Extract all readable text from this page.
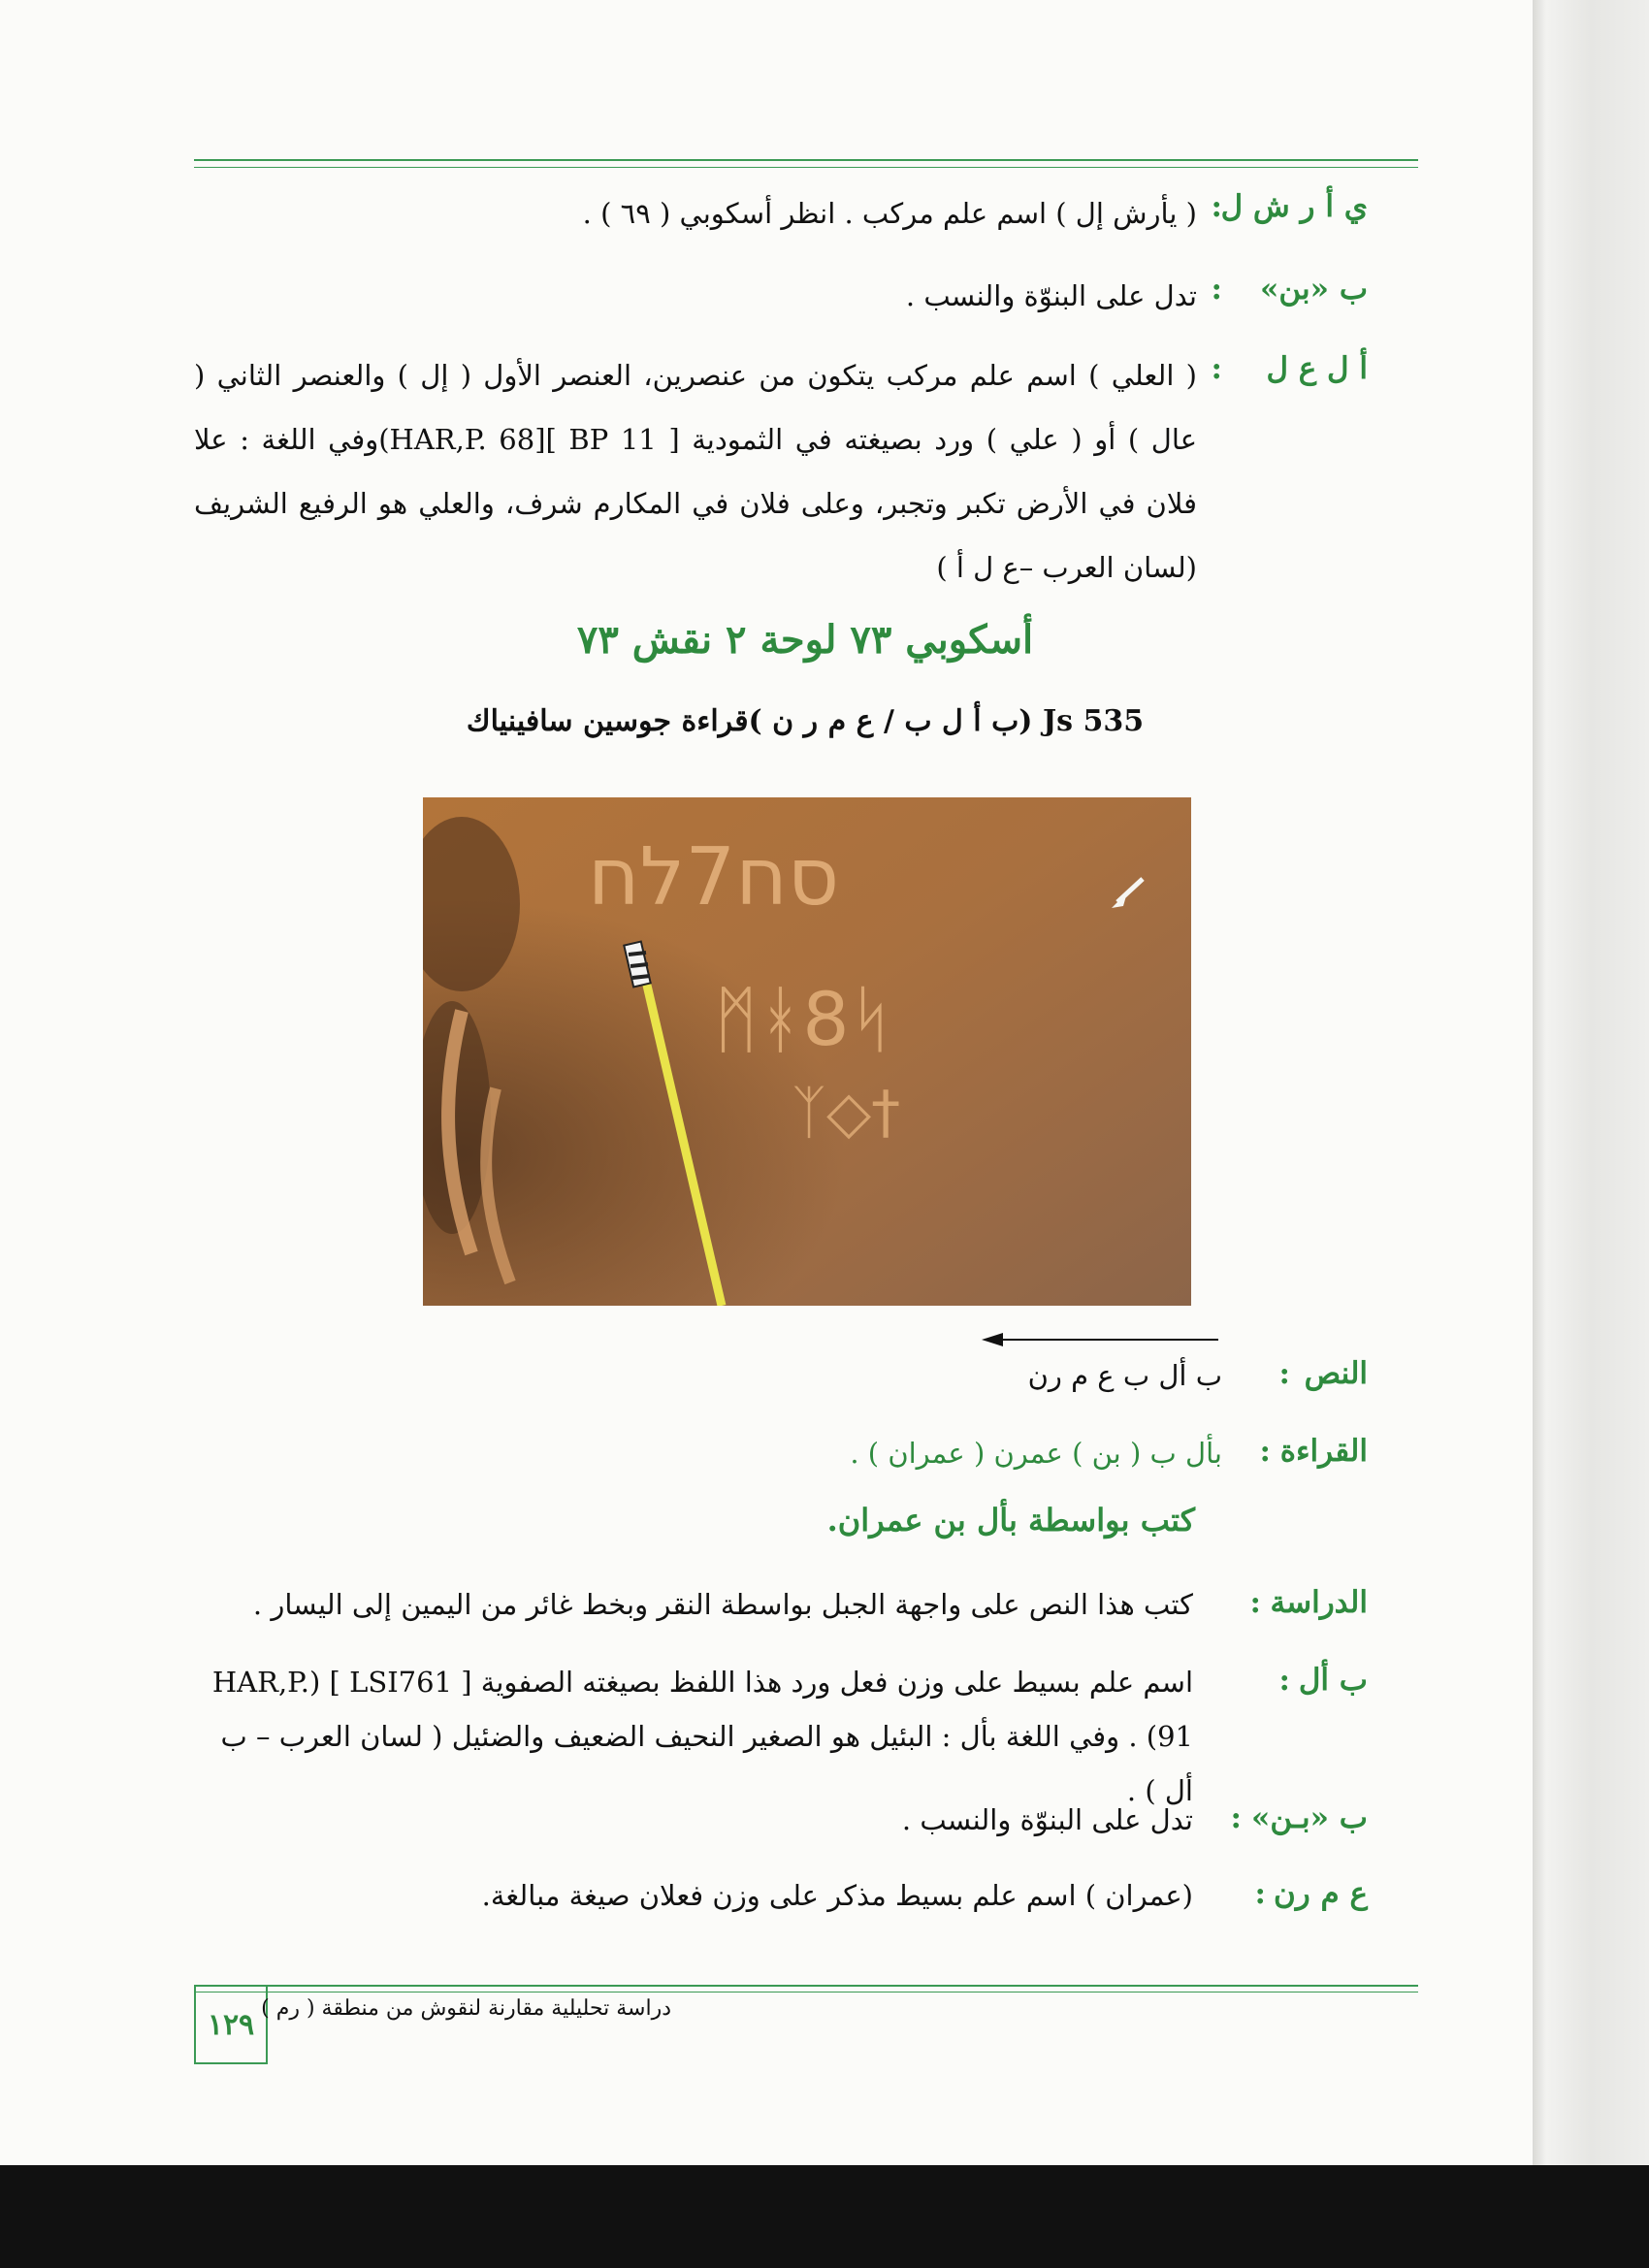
ي أ ر ش ل
:
( يأرش إل ) اسم علم مركب . انظر أسكوبي ( ٦٩ ) .
ب «بن»
:
تدل على البنوّة والنسب .
أ ل ع ل
:
( العلي ) اسم علم مركب يتكون من عنصرين، العنصر الأول ( إل ) والعنصر الثاني ( عال ) أو ( علي ) ورد بصيغته في الثمودية [ BP 11 ][HAR,P. 68)وفي اللغة : علا فلان في الأرض تكبر وتجبر، وعلى فلان في المكارم شرف، والعلي هو الرفيع الشريف (لسان العرب –ع ل أ )
أسكوبي ٧٣ لوحة ٢ نقش ٧٣
Js 535 (ب أ ل ب / ع م ر ن )قراءة جوسين سافينياك
סח7לח
ᛗᚼ8ᛋ
ᛉ◇†
النص
:
ب أل ب ع م رن
القراءة
:
بأل ب ( بن ) عمرن ( عمران ) .
كتب بواسطة بأل بن عمران.
الدراسة
:
كتب هذا النص على واجهة الجبل بواسطة النقر وبخط غائر من اليمين إلى اليسار .
ب أل
:
اسم علم بسيط على وزن فعل ورد هذا اللفظ بصيغته الصفوية [ LSI761 ] (HAR,P. 91) . وفي اللغة بأل : البئيل هو الصغير النحيف الضعيف والضئيل ( لسان العرب – ب أل ) .
ب «بـن»
:
تدل على البنوّة والنسب .
ع م رن
:
(عمران ) اسم علم بسيط مذكر على وزن فعلان صيغة مبالغة.
١٢٩ دراسة تحليلية مقارنة لنقوش من منطقة ( رم )
